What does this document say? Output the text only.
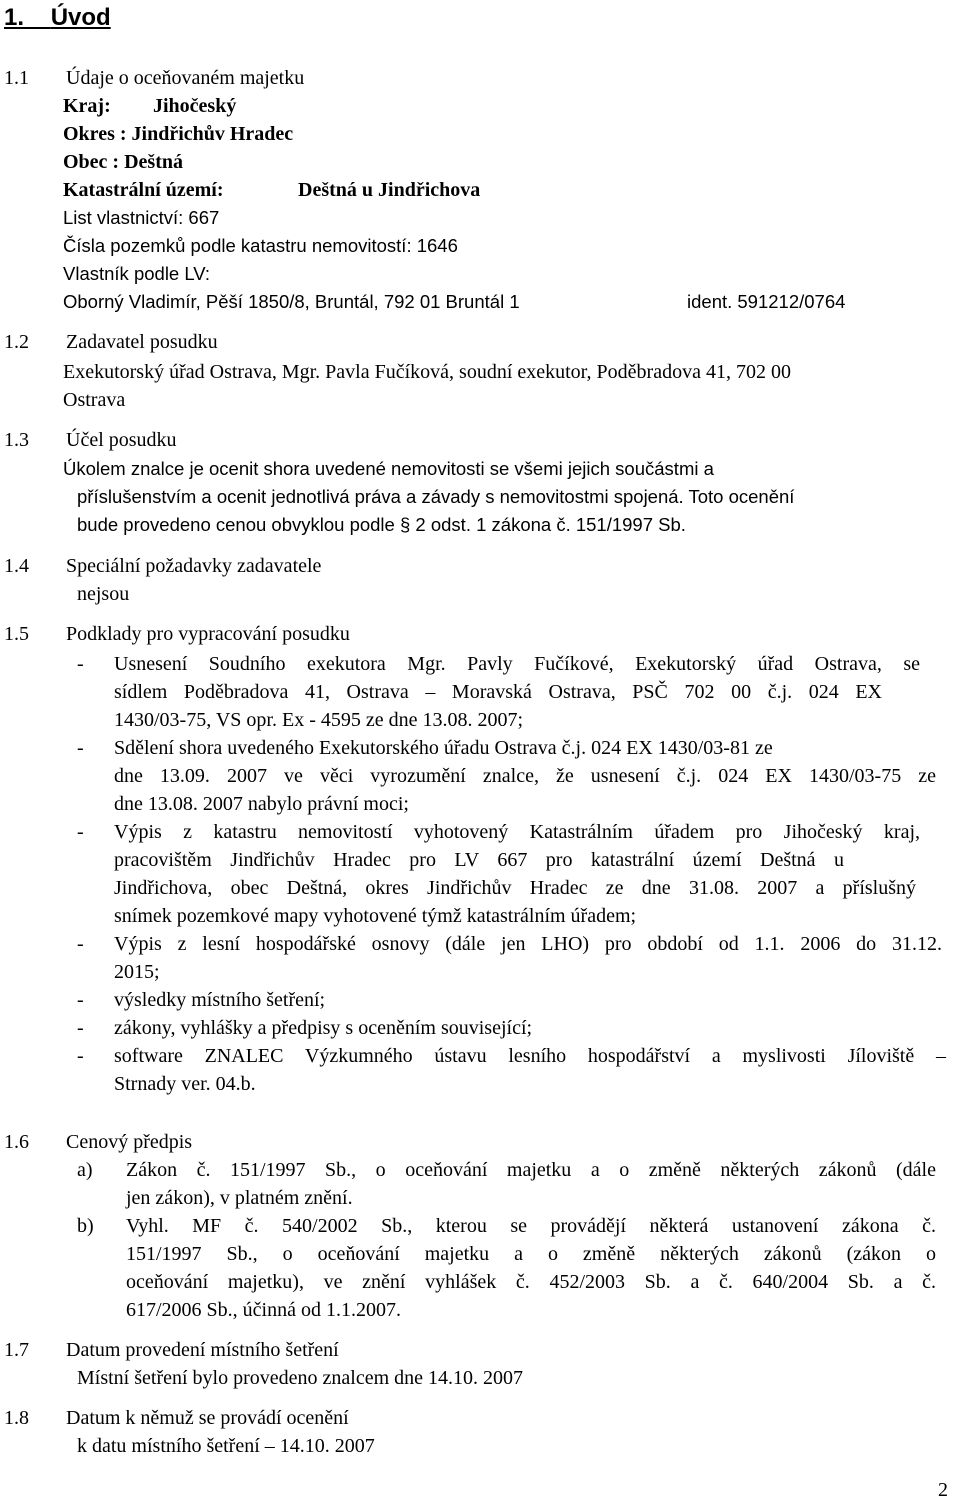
1. Úvod
1.1 Údaje o oceňovaném majetku
Kraj: Jihočeský
Okres : Jindřichův Hradec
Obec : Deštná
Katastrální území:	Deštná u Jindřichova
List vlastnictví: 667
Čísla pozemků podle katastru nemovitostí: 1646
Vlastník podle LV:
Oborný Vladimír, Pěší 1850/8, Bruntál, 792 01 Bruntál 1	ident. 591212/0764
1.2 Zadavatel posudku
Exekutorský úřad Ostrava, Mgr. Pavla Fučíková, soudní exekutor, Poděbradova 41, 702 00
Ostrava
1.3 Účel posudku
Úkolem znalce je ocenit shora uvedené nemovitosti se všemi jejich součástmi a
příslušenstvím a ocenit jednotlivá práva a závady s nemovitostmi spojená. Toto ocenění
bude provedeno cenou obvyklou podle § 2 odst. 1 zákona č. 151/1997 Sb.
1.4 Speciální požadavky zadavatele
nejsou
1.5 Podklady pro vypracování posudku
- Usnesení Soudního exekutora Mgr. Pavly Fučíkové, Exekutorský úřad Ostrava, se
sídlem Poděbradova 41, Ostrava – Moravská Ostrava, PSČ 702 00 č.j. 024 EX
1430/03-75, VS opr. Ex - 4595 ze dne 13.08. 2007;
- Sdělení shora uvedeného Exekutorského úřadu Ostrava č.j. 024 EX 1430/03-81 ze
dne 13.09. 2007 ve věci vyrozumění znalce, že usnesení č.j. 024 EX 1430/03-75 ze
dne 13.08. 2007 nabylo právní moci;
- Výpis z katastru nemovitostí vyhotovený Katastrálním úřadem pro Jihočeský kraj,
pracovištěm Jindřichův Hradec pro LV 667 pro katastrální území Deštná u
Jindřichova, obec Deštná, okres Jindřichův Hradec ze dne 31.08. 2007 a příslušný
snímek pozemkové mapy vyhotovené týmž katastrálním úřadem;
- Výpis z lesní hospodářské osnovy (dále jen LHO) pro období od 1.1. 2006 do 31.12.
2015;
- výsledky místního šetření;
- zákony, vyhlášky a předpisy s oceněním související;
- software ZNALEC Výzkumného ústavu lesního hospodářství a myslivosti Jíloviště –
Strnady ver. 04.b.
1.6 Cenový předpis
a) Zákon č. 151/1997 Sb., o oceňování majetku a o změně některých zákonů (dále
jen zákon), v platném znění.
b) Vyhl. MF č. 540/2002 Sb., kterou se provádějí některá ustanovení zákona č.
151/1997 Sb., o oceňování majetku a o změně některých zákonů (zákon o
oceňování majetku), ve znění vyhlášek č. 452/2003 Sb. a č. 640/2004 Sb. a č.
617/2006 Sb., účinná od 1.1.2007.
1.7 Datum provedení místního šetření
Místní šetření bylo provedeno znalcem dne 14.10. 2007
1.8 Datum k němuž se provádí ocenění
k datu místního šetření – 14.10. 2007
2
